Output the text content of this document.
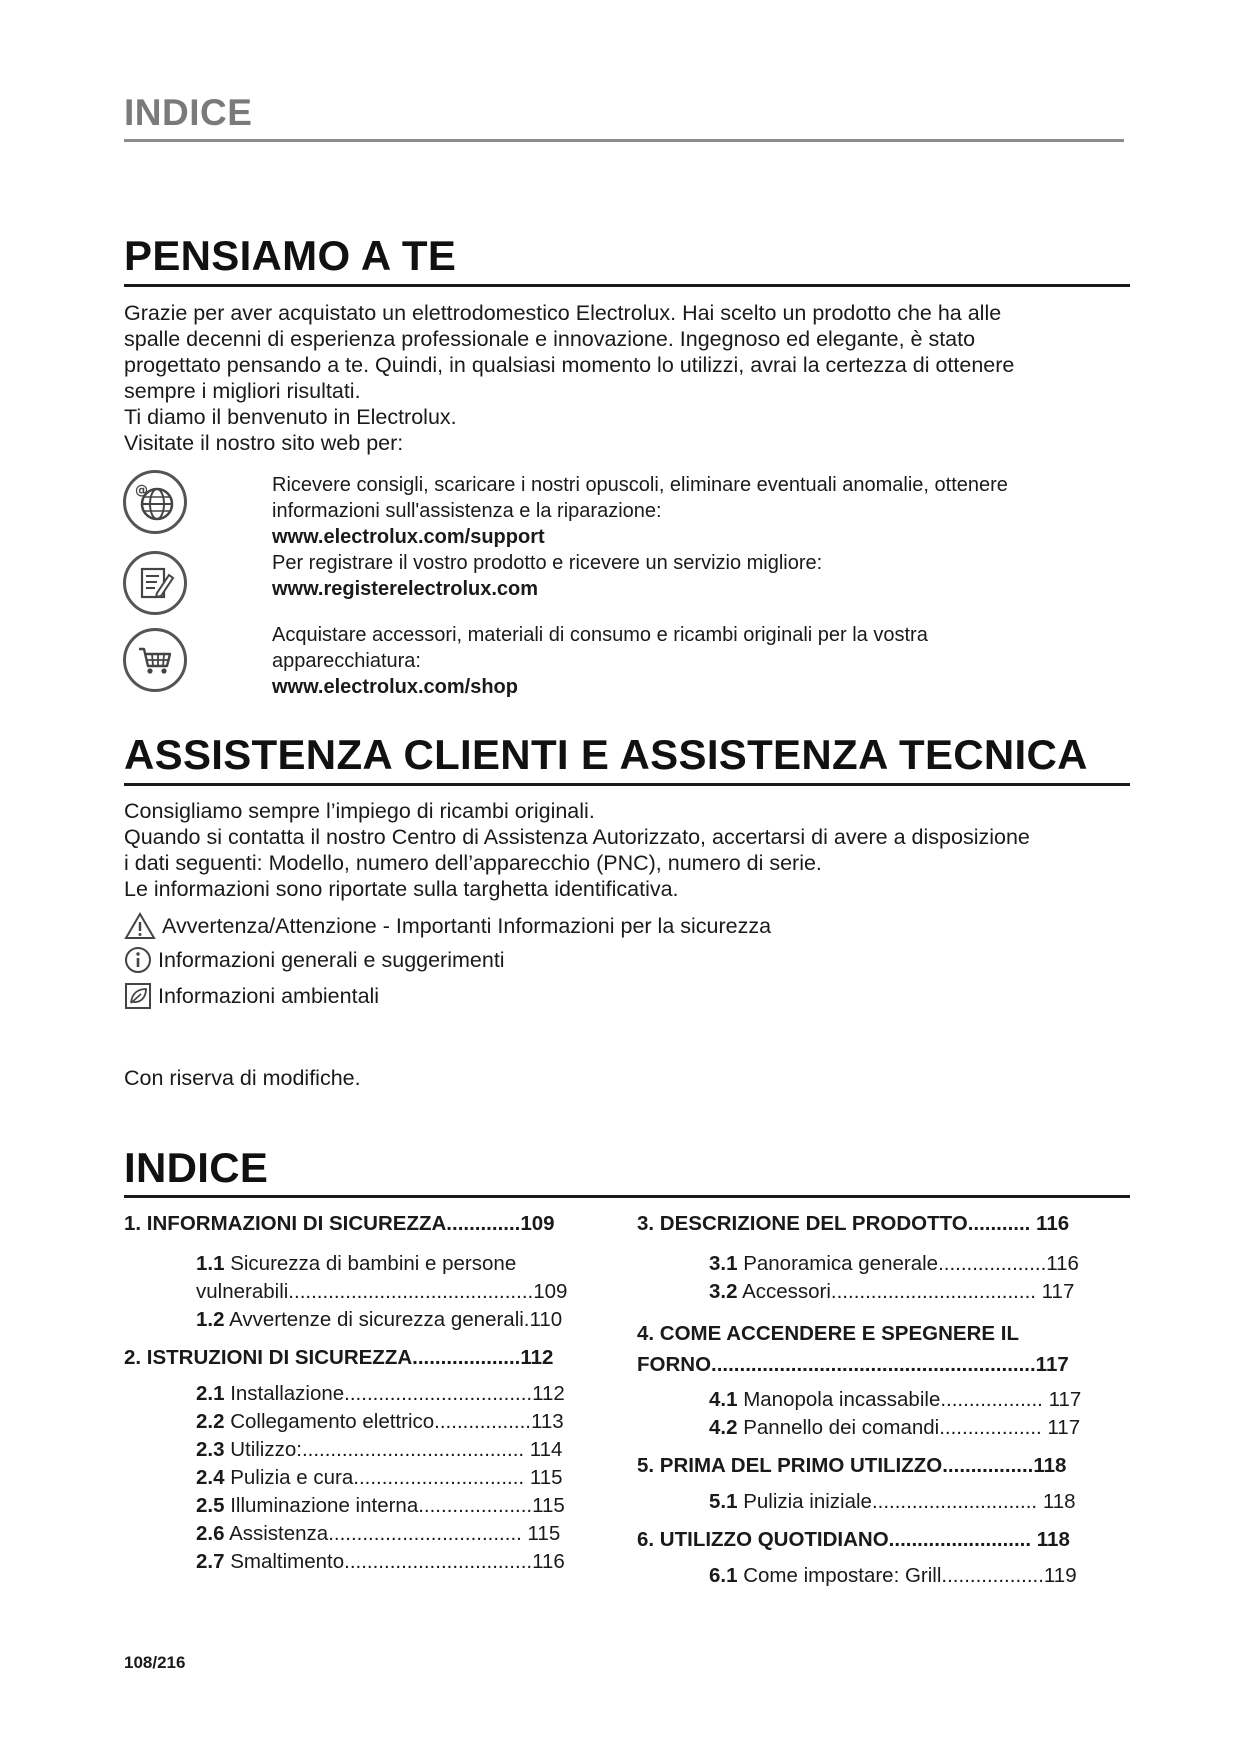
INDICE
PENSIAMO A TE
Grazie per aver acquistato un elettrodomestico Electrolux. Hai scelto un prodotto che ha alle
spalle decenni di esperienza professionale e innovazione. Ingegnoso ed elegante, è stato
progettato pensando a te. Quindi, in qualsiasi momento lo utilizzi, avrai la certezza di ottenere
sempre i migliori risultati.
Ti diamo il benvenuto in Electrolux.
Visitate il nostro sito web per:
@	Ricevere consigli, scaricare i nostri opuscoli, eliminare eventuali anomalie, ottenere
informazioni sull'assistenza e la riparazione:
www.electrolux.com/support
Per registrare il vostro prodotto e ricevere un servizio migliore:
www.registerelectrolux.com
Acquistare accessori, materiali di consumo e ricambi originali per la vostra
apparecchiatura:
www.electrolux.com/shop
ASSISTENZA CLIENTI E ASSISTENZA TECNICA
Consigliamo sempre l’impiego di ricambi originali.
Quando si contatta il nostro Centro di Assistenza Autorizzato, accertarsi di avere a disposizione
i dati seguenti: Modello, numero dell’apparecchio (PNC), numero di serie.
Le informazioni sono riportate sulla targhetta identificativa.
Avvertenza/Attenzione - Importanti Informazioni per la sicurezza
Informazioni generali e suggerimenti
Informazioni ambientali
Con riserva di modifiche.
INDICE
1. INFORMAZIONI DI SICUREZZA.............109
1.1 Sicurezza di bambini e persone
vulnerabili...........................................109
1.2 Avvertenze di sicurezza generali.110
2. ISTRUZIONI DI SICUREZZA...................112
2.1 Installazione.................................112
2.2 Collegamento elettrico.................113
2.3 Utilizzo:....................................... 114
2.4 Pulizia e cura.............................. 115
2.5 Illuminazione interna....................115
2.6 Assistenza.................................. 115
2.7 Smaltimento.................................116
3. DESCRIZIONE DEL PRODOTTO........... 116
3.1 Panoramica generale...................116
3.2 Accessori.................................... 117
4. COME ACCENDERE E SPEGNERE IL
FORNO.........................................................117
4.1 Manopola incassabile.................. 117
4.2 Pannello dei comandi.................. 117
5. PRIMA DEL PRIMO UTILIZZO................118
5.1 Pulizia iniziale............................. 118
6. UTILIZZO QUOTIDIANO......................... 118
6.1 Come impostare: Grill..................119
108/216
